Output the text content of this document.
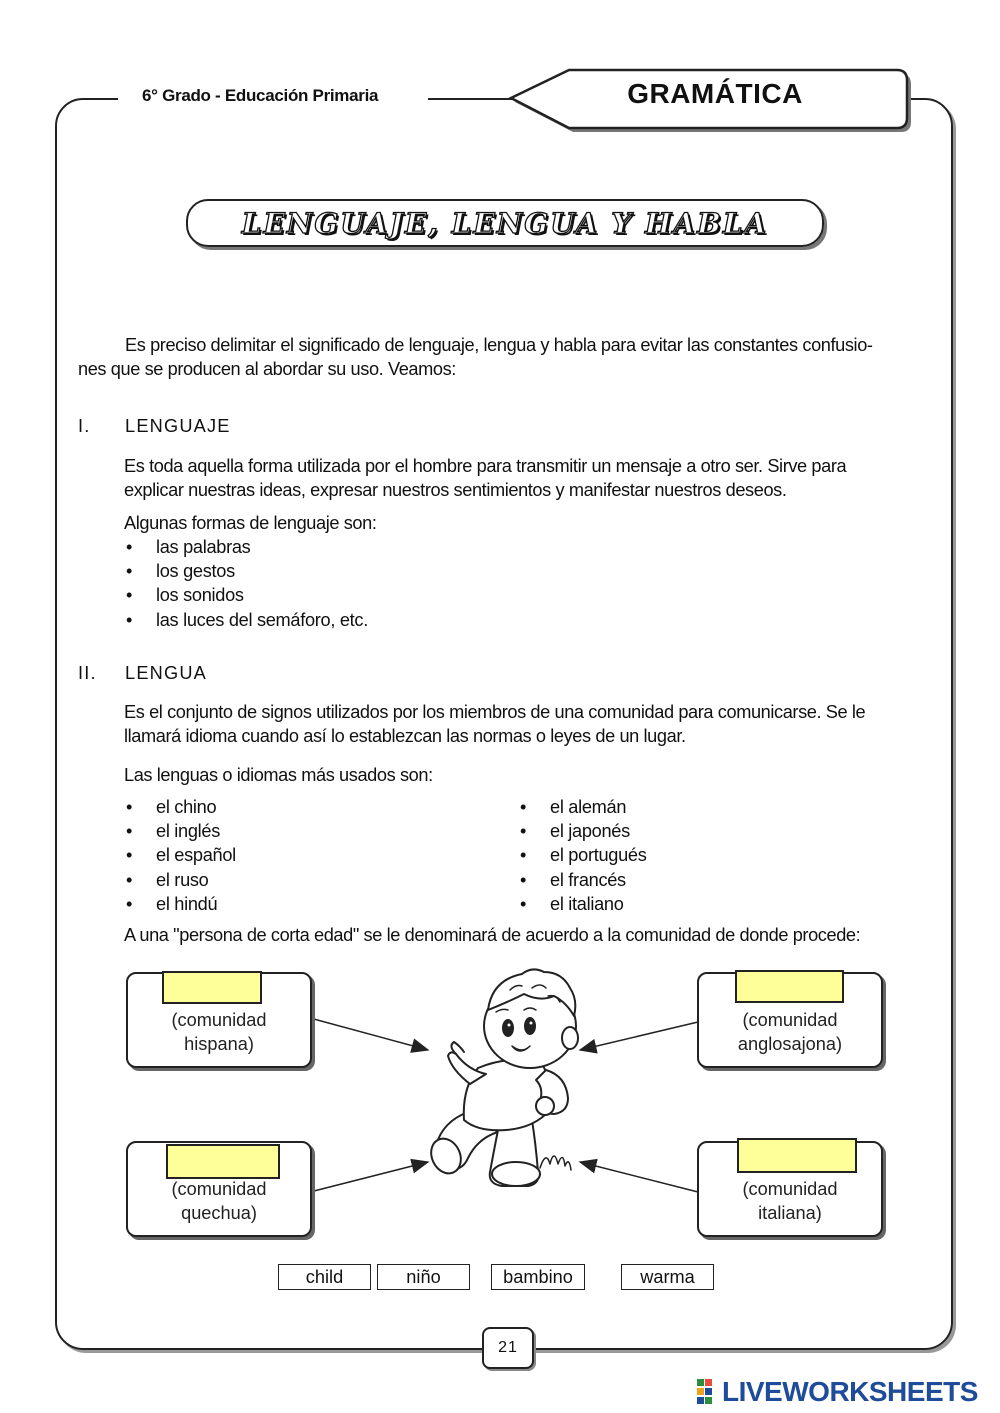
6° Grado - Educación Primaria	GRAMÁTICA
LENGUAJE, LENGUA Y HABLA
Es preciso delimitar el significado de lenguaje, lengua y habla para evitar las constantes confusio-
nes que se producen al abordar su uso. Veamos:
I. LENGUAJE
Es toda aquella forma utilizada por el hombre para transmitir un mensaje a otro ser. Sirve para
explicar nuestras ideas, expresar nuestros sentimientos y manifestar nuestros deseos.
Algunas formas de lenguaje son:
• las palabras
• los gestos
• los sonidos
• las luces del semáforo, etc.
II. LENGUA
Es el conjunto de signos utilizados por los miembros de una comunidad para comunicarse. Se le
llamará idioma cuando así lo establezcan las normas o leyes de un lugar.
Las lenguas o idiomas más usados son:
• el chino
• el inglés
• el español
• el ruso
• el hindú
• el alemán
• el japonés
• el portugués
• el francés
• el italiano
A una "persona de corta edad" se le denominará de acuerdo a la comunidad de donde procede:
(comunidad
hispana)
(comunidad
anglosajona)
(comunidad
quechua)
(comunidad
italiana)
child	niño	bambino	warma
21
LIVEWORKSHEETS
